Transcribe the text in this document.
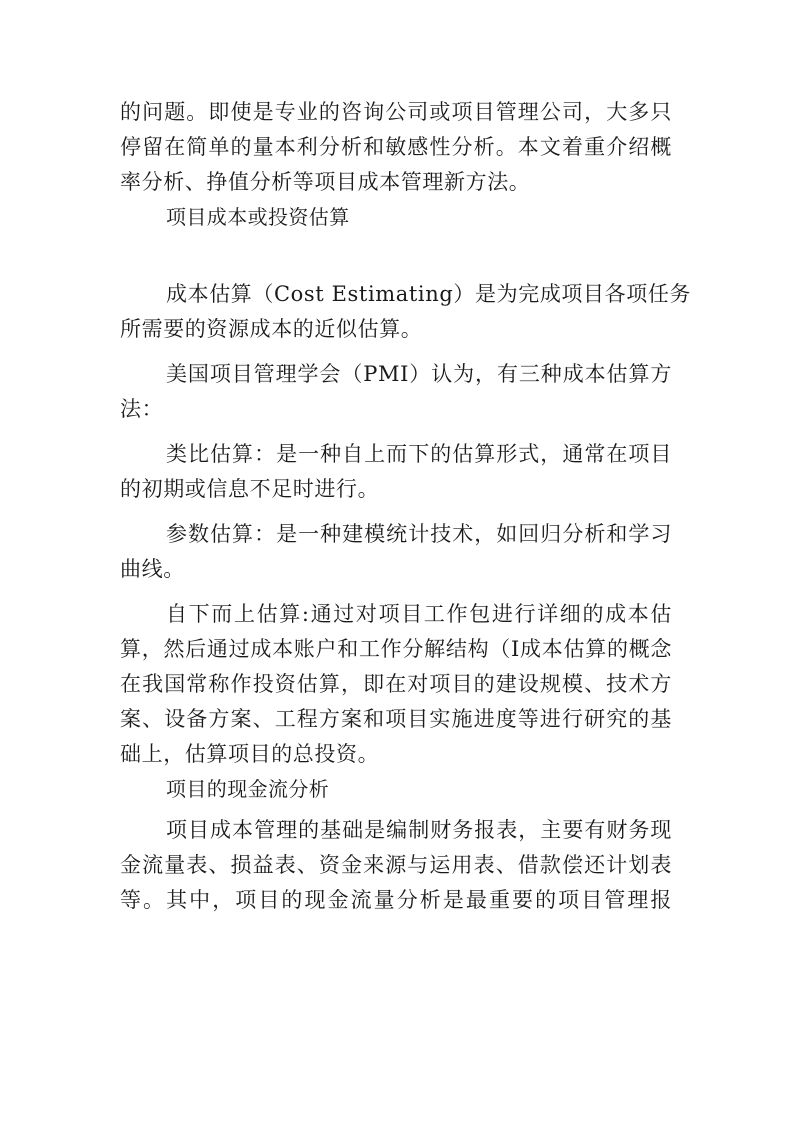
的问题。即使是专业的咨询公司或项目管理公司，大多只
停留在简单的量本利分析和敏感性分析。本文着重介绍概
率分析、挣值分析等项目成本管理新方法。
项目成本或投资估算
成本估算（Cost Estimating）是为完成项目各项任务
所需要的资源成本的近似估算。
美国项目管理学会（PMI）认为，有三种成本估算方
法：
类比估算：是一种自上而下的估算形式，通常在项目
的初期或信息不足时进行。
参数估算：是一种建模统计技术，如回归分析和学习
曲线。
自下而上估算:通过对项目工作包进行详细的成本估
算，然后通过成本账户和工作分解结构（I成本估算的概念
在我国常称作投资估算，即在对项目的建设规模、技术方
案、设备方案、工程方案和项目实施进度等进行研究的基
础上，估算项目的总投资。
项目的现金流分析
项目成本管理的基础是编制财务报表，主要有财务现
金流量表、损益表、资金来源与运用表、借款偿还计划表
等。其中，项目的现金流量分析是最重要的项目管理报
